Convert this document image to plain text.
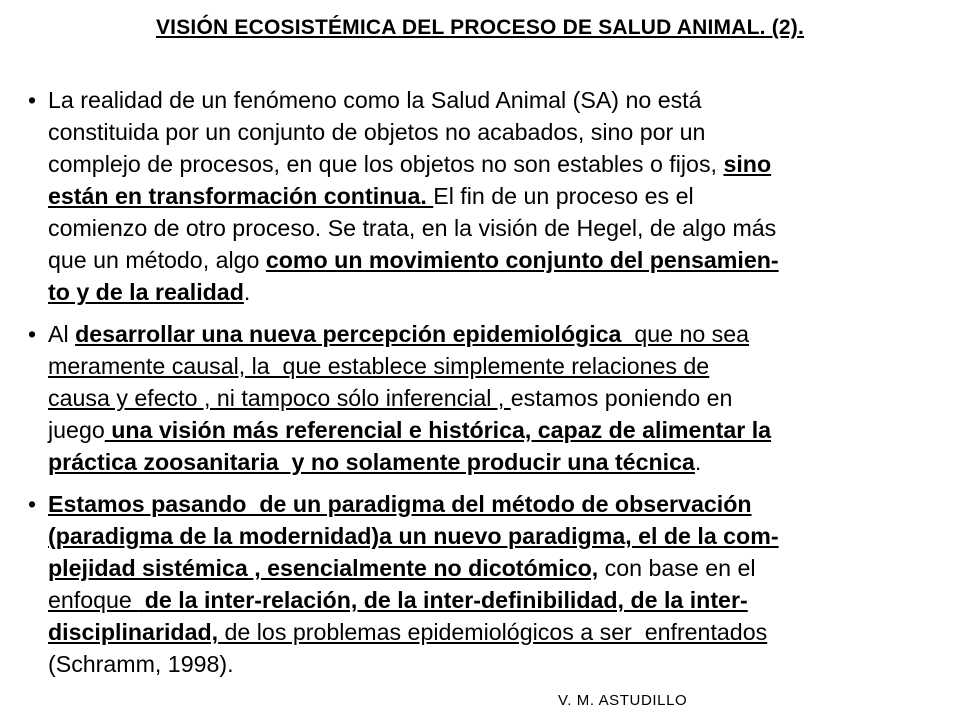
VISIÓN ECOSISTÉMICA DEL PROCESO DE SALUD ANIMAL. (2).
• La realidad de un fenómeno como la Salud Animal (SA) no está
constituida por un conjunto de objetos no acabados, sino por un
complejo de procesos, en que los objetos no son estables o fijos, sino
están en transformación continua. El fin de un proceso es el
comienzo de otro proceso. Se trata, en la visión de Hegel, de algo más
que un método, algo como un movimiento conjunto del pensamien-
to y de la realidad.
• Al desarrollar una nueva percepción epidemiológica  que no sea
meramente causal, la  que establece simplemente relaciones de
causa y efecto , ni tampoco sólo inferencial , estamos poniendo en
juego una visión más referencial e histórica, capaz de alimentar la
práctica zoosanitaria  y no solamente producir una técnica.
• Estamos pasando  de un paradigma del método de observación
(paradigma de la modernidad)a un nuevo paradigma, el de la com-
plejidad sistémica , esencialmente no dicotómico, con base en el
enfoque  de la inter-relación, de la inter-definibilidad, de la inter-
disciplinaridad, de los problemas epidemiológicos a ser  enfrentados
(Schramm, 1998).
V. M. ASTUDILLO
